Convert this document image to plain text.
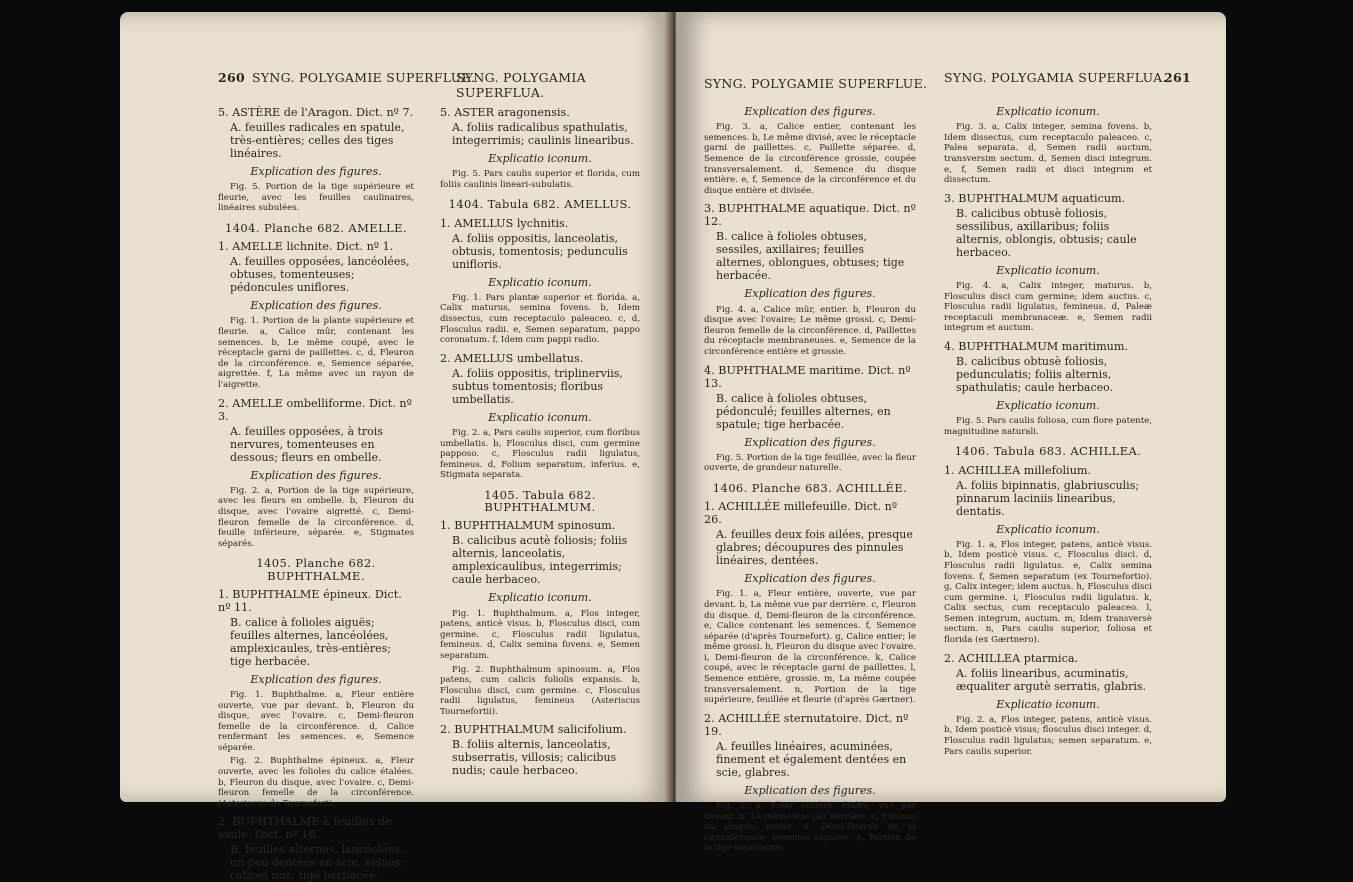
260 SYNG. POLYGAMIE SUPERFLUE.
SYNG. POLYGAMIA SUPERFLUA.

5. ASTÈRE de l'Aragon. Dict. nº 7.

A. feuilles radicales en spatule, très-entières; celles des tiges linéaires.

Explication des figures.

Fig. 5. Portion de la tige supérieure et fleurie, avec les feuilles caulinaires, linéaires subulées.

1404. Planche 682. AMELLE.

1. AMELLE lichnite. Dict. nº 1.

A. feuilles opposées, lancéolées, obtuses, tomenteuses; pédoncules uniflores.

Explication des figures.

Fig. 1. Portion de la plante supérieure et fleurie. a, Calice mûr, contenant les semences. b, Le même coupé, avec le réceptacle garni de paillettes. c, d, Fleuron de la circonférence. e, Semence séparée, aigrettée. f, La même avec un rayon de l'aigrette.

2. AMELLE ombelliforme. Dict. nº 3.

A. feuilles opposées, à trois nervures, tomenteuses en dessous; fleurs en ombelle.

Explication des figures.

Fig. 2. a, Portion de la tige supérieure, avec les fleurs en ombelle. b, Fleuron du disque, avec l'ovaire aigretté. c, Demi-fleuron femelle de la circonférence. d, feuille inférieure, séparée. e, Stigmates séparés.

1405. Planche 682. BUPHTHALME.

1. BUPHTHALME épineux. Dict. nº 11.

B. calice à folioles aiguës; feuilles alternes, lancéolées, amplexicaules, très-entières; tige herbacée.

Explication des figures.

Fig. 1. Buphthalme. a, Fleur entière ouverte, vue par devant. b, Fleuron du disque, avec l'ovaire. c, Demi-fleuron femelle de la circonférence. d, Calice renfermant les semences. e, Semence séparée.

Fig. 2. Buphthalme épineux. a, Fleur ouverte, avec les folioles du calice étalées. b, Fleuron du disque, avec l'ovaire. c, Demi-fleuron femelle de la circonférence. (Asteriscus de Tournefort).

2. BUPHTHALME à feuilles de saule. Dict. nº 10.

B. feuilles alternes, lancéolées, un peu dentées en scie, velues; calices nus; tige herbacée.

5. ASTER aragonensis.

A. foliis radicalibus spathulatis, integerrimis; caulinis linearibus.

Explicatio iconum.

Fig. 5. Pars caulis superior et florida, cum foliis caulinis lineari-subulatis.

1404. Tabula 682. AMELLUS.

1. AMELLUS lychnitis.

A. foliis oppositis, lanceolatis, obtusis, tomentosis; pedunculis unifloris.

Explicatio iconum.

Fig. 1. Pars plantæ superior et florida. a, Calix maturus, semina fovens. b, Idem dissectus, cum receptaculo paleaceo. c, d, Flosculus radii. e, Semen separatum, pappo coronatum. f, Idem cum pappi radio.

2. AMELLUS umbellatus.

A. foliis oppositis, triplinerviis, subtus tomentosis; floribus umbellatis.

Explicatio iconum.

Fig. 2. a, Pars caulis superior, cum floribus umbellatis. b, Flosculus disci, cum germine papposo. c, Flosculus radii ligulatus, femineus. d, Folium separatum, inferius. e, Stigmata separata.

1405. Tabula 682. BUPHTHALMUM.

1. BUPHTHALMUM spinosum.

B. calicibus acutè foliosis; foliis alternis, lanceolatis, amplexicaulibus, integerrimis; caule herbaceo.

Explicatio iconum.

Fig. 1. Buphthalmum. a, Flos integer, patens, anticè visus. b, Flosculus disci, cum germine. c, Flosculus radii ligulatus, femineus. d, Calix semina fovens. e, Semen separatum.

Fig. 2. Buphthalmum spinosum. a, Flos patens, cum calicis foliolis expansis. b, Flosculus disci, cum germine. c, Flosculus radii ligulatus, femineus (Asteriscus Tournefortii).

2. BUPHTHALMUM salicifolium.

B. foliis alternis, lanceolatis, subserratis, villosis; calicibus nudis; caule herbaceo.

SYNG. POLYGAMIE SUPERFLUE. SYNG. POLYGAMIA SUPERFLUA.
261

Explication des figures.

Fig. 3. a, Calice entier, contenant les semences. b, Le même divisé, avec le réceptacle garni de paillettes. c, Paillette séparée. d, Semence de la circonférence grossie, coupée transversalement. d, Semence du disque entière. e, f, Semence de la circonférence et du disque entière et divisée.

3. BUPHTHALME aquatique. Dict. nº 12.

B. calice à folioles obtuses, sessiles, axillaires; feuilles alternes, oblongues, obtuses; tige herbacée.

Explication des figures.

Fig. 4. a, Calice mûr, entier. b, Fleuron du disque avec l'ovaire; Le même grossi. c, Demi-fleuron femelle de la circonférence. d, Paillettes du réceptacle membraneuses. e, Semence de la circonférence entière et grossie.

4. BUPHTHALME maritime. Dict. nº 13.

B. calice à folioles obtuses, pédonculé; feuilles alternes, en spatule; tige herbacée.

Explication des figures.

Fig. 5. Portion de la tige feuillée, avec la fleur ouverte, de grandeur naturelle.

1406. Planche 683. ACHILLÉE.

1. ACHILLÉE millefeuille. Dict. nº 26.

A. feuilles deux fois ailées, presque glabres; découpures des pinnules linéaires, dentées.

Explication des figures.

Fig. 1. a, Fleur entière, ouverte, vue par devant. b, La même vue par derrière. c, Fleuron du disque. d, Demi-fleuron de la circonférence. e, Calice contenant les semences. f, Semence séparée (d'après Tournefort). g, Calice entier; le même grossi. h, Fleuron du disque avec l'ovaire. i, Demi-fleuron de la circonférence. k, Calice coupé, avec le réceptacle garni de paillettes. l, Semence entière, grossie. m, La même coupée transversalement. n, Portion de la tige supérieure, feuillée et fleurie (d'après Gærtner).

2. ACHILLÉE sternutatoire. Dict. nº 19.

A. feuilles linéaires, acuminées, finement et également dentées en scie, glabres.

Explication des figures.

Fig. 2. a, Fleur entière, étalée, vue par devant. b, La même vue par derrière. c, Fleuron du disque, entier. d, Demi-fleuron de la circonférence; semence séparée. e, Portion de la tige supérieure.

Explicatio iconum.

Fig. 3. a, Calix integer, semina fovens. b, Idem dissectus, cum receptaculo paleaceo. c, Palea separata. d, Semen radii auctum, transversim sectum. d, Semen disci integrum. e, f, Semen radii et disci integrum et dissectum.

3. BUPHTHALMUM aquaticum.

B. calicibus obtusè foliosis, sessilibus, axillaribus; foliis alternis, oblongis, obtusis; caule herbaceo.

Explicatio iconum.

Fig. 4. a, Calix integer, maturus. b, Flosculus disci cum germine; idem auctus. c, Flosculus radii ligulatus, femineus. d, Paleæ receptaculi membranaceæ. e, Semen radii integrum et auctum.

4. BUPHTHALMUM maritimum.

B. calicibus obtusè foliosis, pedunculatis; foliis alternis, spathulatis; caule herbaceo.

Explicatio iconum.

Fig. 5. Pars caulis foliosa, cum flore patente, magnitudine naturali.

1406. Tabula 683. ACHILLEA.

1. ACHILLEA millefolium.

A. foliis bipinnatis, glabriusculis; pinnarum laciniis linearibus, dentatis.

Explicatio iconum.

Fig. 1. a, Flos integer, patens, anticè visus. b, Idem posticè visus. c, Flosculus disci. d, Flosculus radii ligulatus. e, Calix semina fovens. f, Semen separatum (ex Tournefortio). g, Calix integer; idem auctus. h, Flosculus disci cum germine. i, Flosculus radii ligulatus. k, Calix sectus, cum receptaculo paleaceo. l, Semen integrum, auctum. m, Idem transversè sectum. n, Pars caulis superior, foliosa et florida (ex Gærtnero).

2. ACHILLEA ptarmica.

A. foliis linearibus, acuminatis, æqualiter argutè serratis, glabris.

Explicatio iconum.

Fig. 2. a, Flos integer, patens, anticè visus. b, Idem posticè visus; flosculus disci integer. d, Flosculus radii ligulatus; semen separatum. e, Pars caulis superior.
